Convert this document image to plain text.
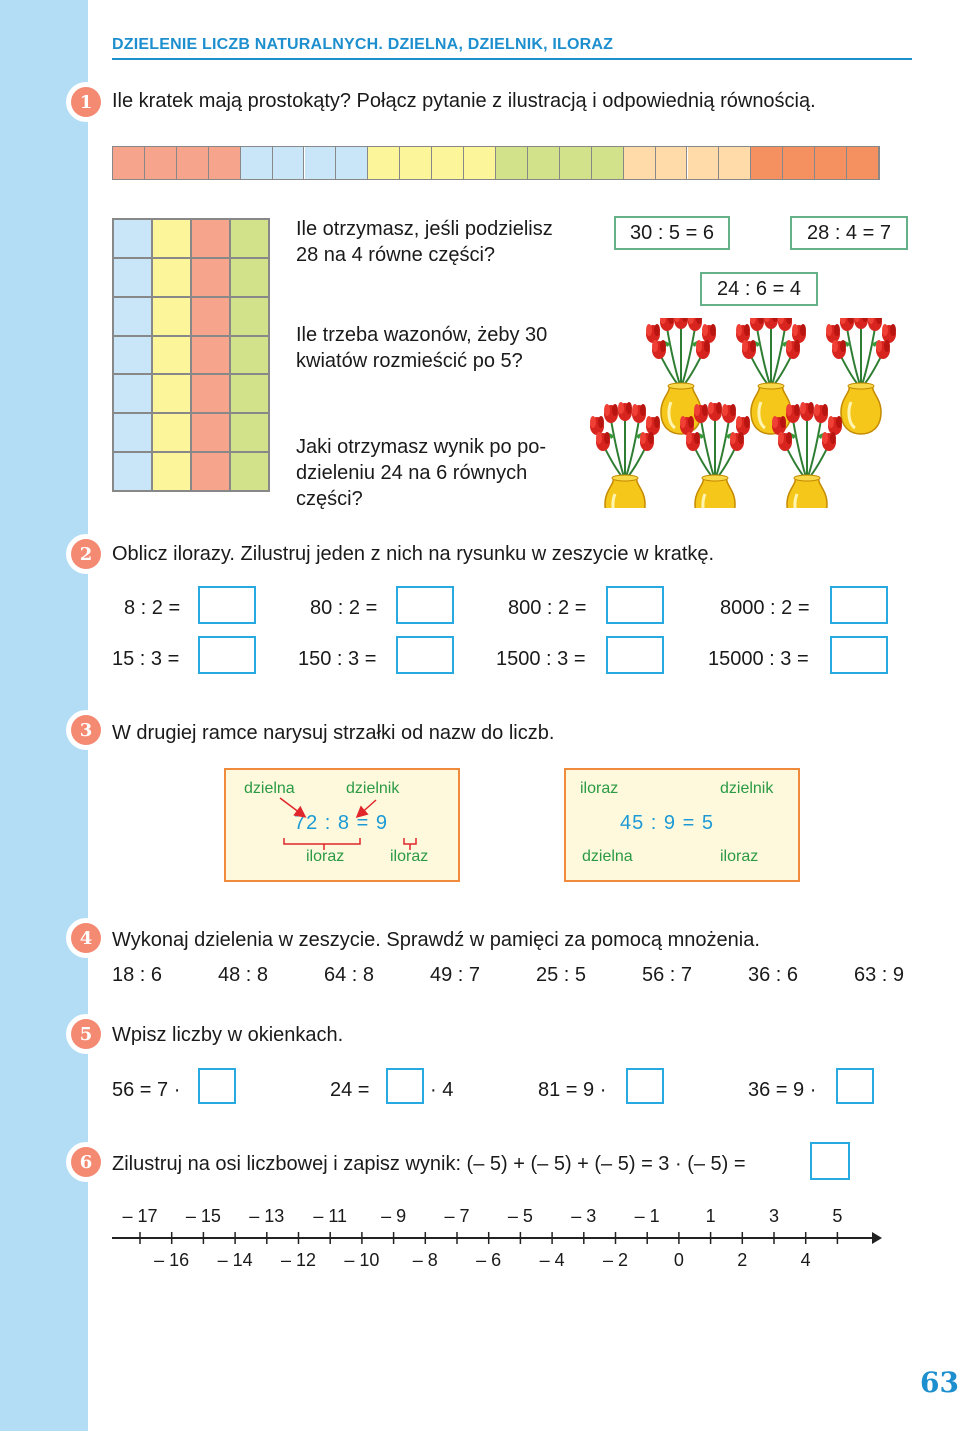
DZIELENIE LICZB NATURALNYCH. DZIELNA, DZIELNIK, ILORAZ
1 Ile kratek mają prostokąty? Połącz pytanie z ilustracją i odpowiednią równością.
Ile otrzymasz, jeśli podzielisz
28 na 4 równe części?
Ile trzeba wazonów, żeby 30
kwiatów rozmieścić po 5?
Jaki otrzymasz wynik po po-
dzieleniu 24 na 6 równych
części?
30 : 5 = 6
24 : 6 = 4
28 : 4 = 7
2 Oblicz ilorazy. Zilustruj jeden z nich na rysunku w zeszycie w kratkę.
8 : 2 =	80 : 2 =	800 : 2 =	8000 : 2 =
15 : 3 =	150 : 3 =	1500 : 3 =	15000 : 3 =
3 W drugiej ramce narysuj strzałki od nazw do liczb.
dzielna	dzielnik
72 : 8 = 9
iloraz	iloraz
iloraz	dzielnik
45 : 9 = 5
dzielna	iloraz
4 Wykonaj dzielenia w zeszycie. Sprawdź w pamięci za pomocą mnożenia.
18 : 6	48 : 8	64 : 8	49 : 7	25 : 5	56 : 7	36 : 6	63 : 9
5 Wpisz liczby w okienkach.
56 = 7 ·	24 =	· 4	81 = 9 ·	36 = 9 ·
6 Zilustruj na osi liczbowej i zapisz wynik: (– 5) + (– 5) + (– 5) = 3 · (– 5) =
– 17
– 16
– 15
– 14
– 13
– 12
– 11
– 10
– 9
– 8
– 7
– 6
– 5
– 4
– 3
– 2
– 1
0
1
2
3
4
5
63
